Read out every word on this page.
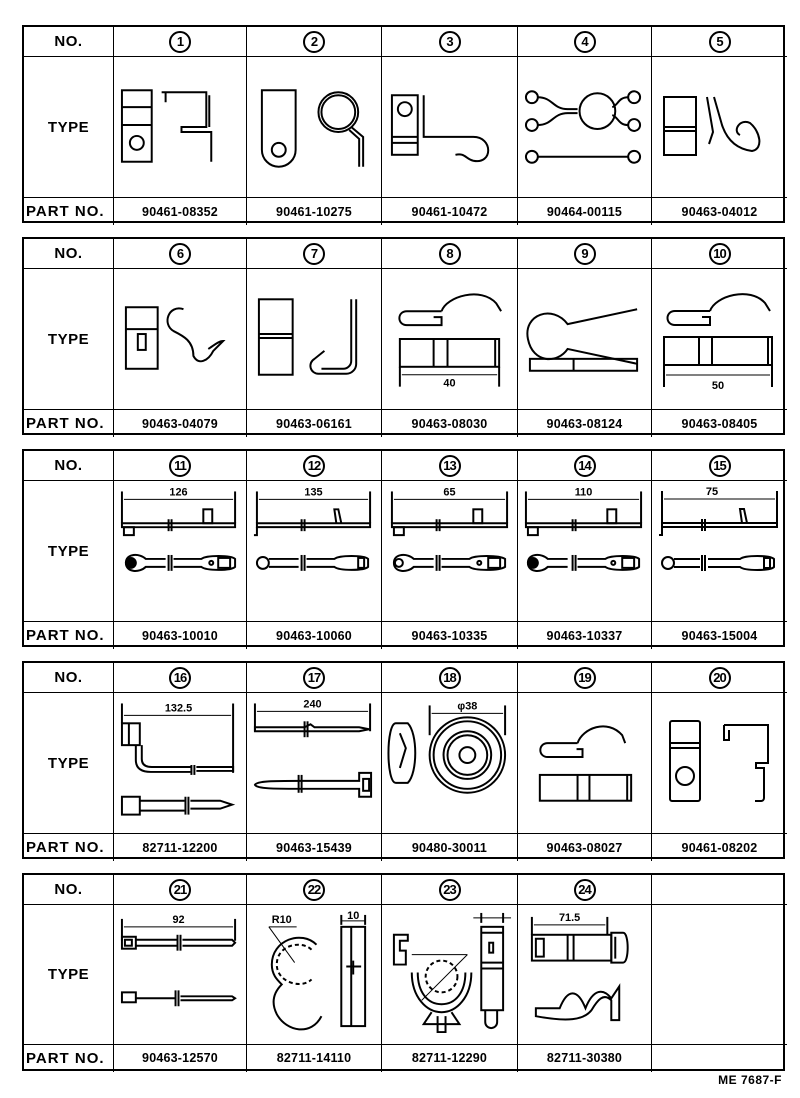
NO.	1	2	3	4	5
TYPE
PART NO.	90461-08352	90461-10275	90461-10472	90464-00115	90463-04012
NO.	6	7	8	9	10
TYPE
40	50
PART NO.	90463-04079	90463-06161	90463-08030	90463-08124	90463-08405
NO.	11	12	13	14	15
TYPE
126	135	65	110	75
PART NO.	90463-10010	90463-10060	90463-10335	90463-10337	90463-15004
NO.	16	17	18	19	20
TYPE
132.5	240	φ38
PART NO.	82711-12200	90463-15439	90480-30011	90463-08027	90461-08202
NO.	21	22	23	24
TYPE
92	R10	10	71.5
PART NO.	90463-12570	82711-14110	82711-12290	82711-30380
ME 7687-F
